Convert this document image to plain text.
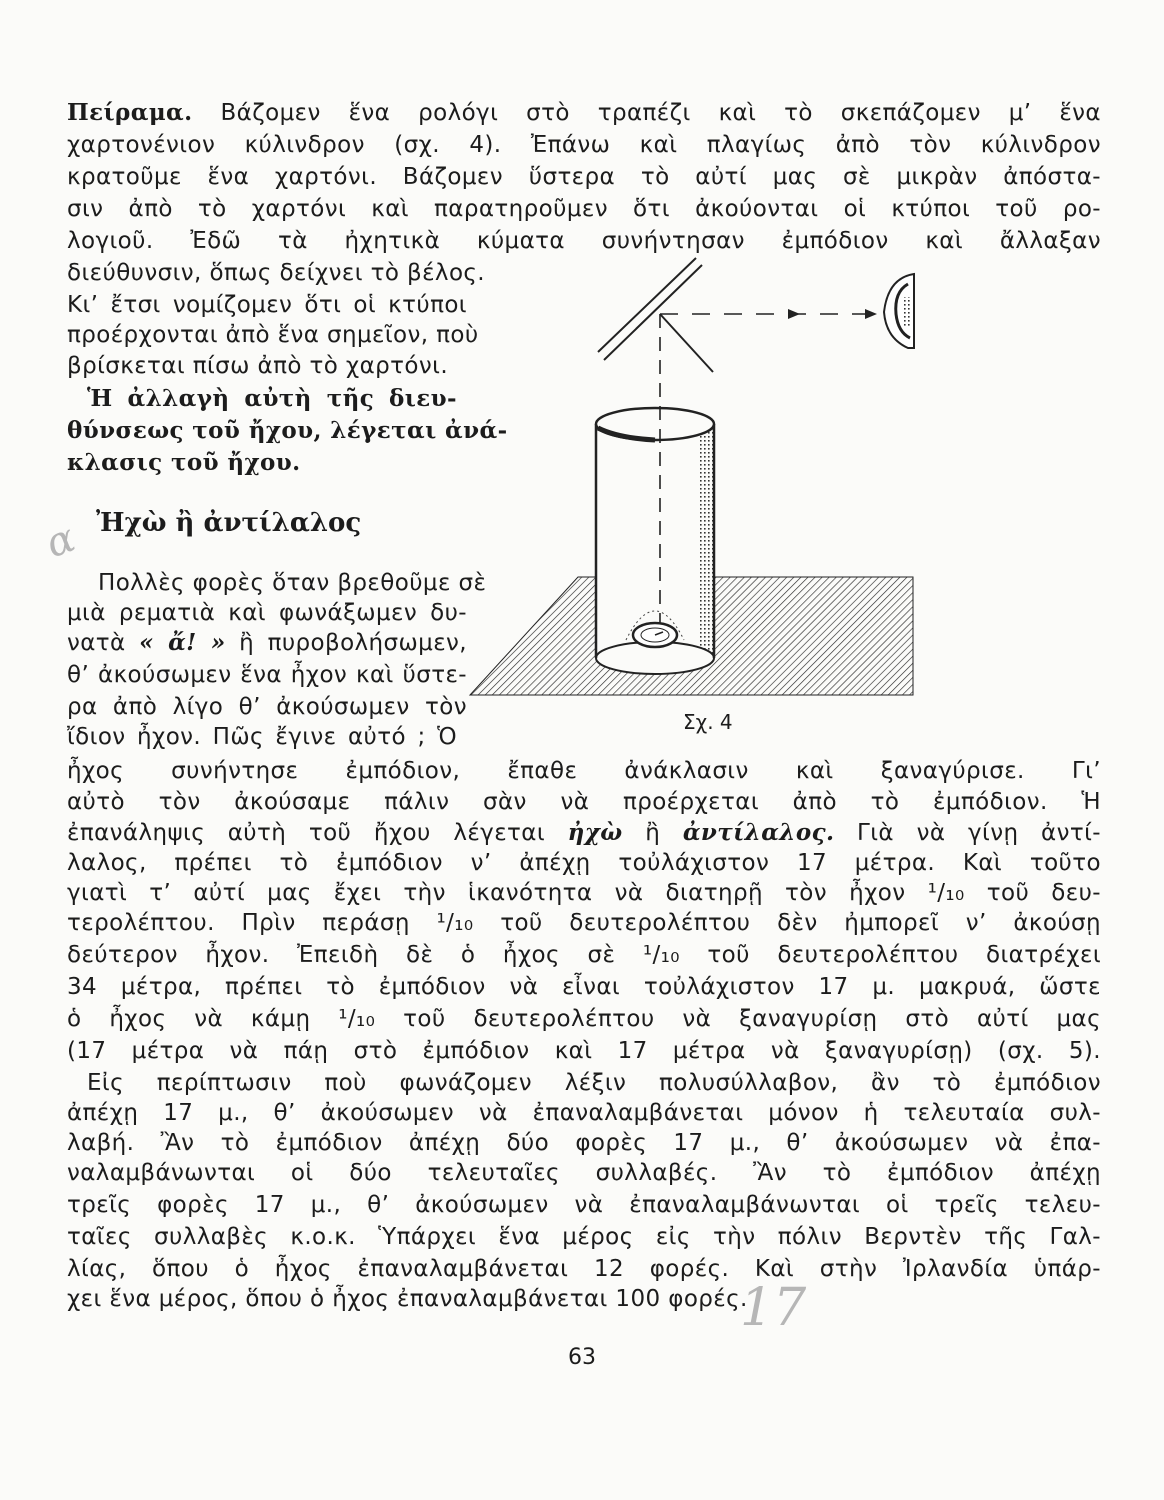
Πείραμα. Βάζομεν ἕνα ρολόγι στὸ τραπέζι καὶ τὸ σκεπάζομεν μ’ ἕνα
χαρτονένιον κύλινδρον (σχ. 4). Ἐπάνω καὶ πλαγίως ἀπὸ τὸν κύλινδρον
κρατοῦμε ἕνα χαρτόνι. Βάζομεν ὕστερα τὸ αὐτί μας σὲ μικρὰν ἀπόστα-
σιν ἀπὸ τὸ χαρτόνι καὶ παρατηροῦμεν ὅτι ἀκούονται οἱ κτύποι τοῦ ρο-
λογιοῦ. Ἐδῶ τὰ ἠχητικὰ κύματα συνήντησαν ἐμπόδιον καὶ ἄλλαξαν
διεύθυνσιν, ὅπως δείχνει τὸ βέλος.
Κι’ ἔτσι νομίζομεν ὅτι οἱ κτύποι
προέρχονται ἀπὸ ἕνα σημεῖον, ποὺ
βρίσκεται πίσω ἀπὸ τὸ χαρτόνι.
Ἡ ἀλλαγὴ αὐτὴ τῆς διευ-
θύνσεως τοῦ ἤχου, λέγεται ἀνά-
κλασις τοῦ ἤχου.
Ἠχὼ ἢ ἀντίλαλος
α
Πολλὲς φορὲς ὅταν βρεθοῦμε σὲ
μιὰ ρεματιὰ καὶ φωνάξωμεν δυ-
νατὰ « ἄ! » ἢ πυροβολήσωμεν,
θ’ ἀκούσωμεν ἕνα ἦχον καὶ ὕστε-
ρα ἀπὸ λίγο θ’ ἀκούσωμεν τὸν
ἴδιον ἦχον. Πῶς ἔγινε αὐτό ; Ὁ
ἦχος συνήντησε ἐμπόδιον, ἔπαθε ἀνάκλασιν καὶ ξαναγύρισε. Γι’
αὐτὸ τὸν ἀκούσαμε πάλιν σὰν νὰ προέρχεται ἀπὸ τὸ ἐμπόδιον. Ἡ
ἐπανάληψις αὐτὴ τοῦ ἤχου λέγεται ἠχὼ ἢ ἀντίλαλος. Γιὰ νὰ γίνῃ ἀντί-
λαλος, πρέπει τὸ ἐμπόδιον ν’ ἀπέχῃ τοὐλάχιστον 17 μέτρα. Καὶ τοῦτο
γιατὶ τ’ αὐτί μας ἔχει τὴν ἱκανότητα νὰ διατηρῇ τὸν ἦχον ¹/₁₀ τοῦ δευ-
τερολέπτου. Πρὶν περάσῃ ¹/₁₀ τοῦ δευτερολέπτου δὲν ἠμπορεῖ ν’ ἀκούσῃ
δεύτερον ἦχον. Ἐπειδὴ δὲ ὁ ἦχος σὲ ¹/₁₀ τοῦ δευτερολέπτου διατρέχει
34 μέτρα, πρέπει τὸ ἐμπόδιον νὰ εἶναι τοὐλάχιστον 17 μ. μακρυά, ὥστε
ὁ ἦχος νὰ κάμῃ ¹/₁₀ τοῦ δευτερολέπτου νὰ ξαναγυρίσῃ στὸ αὐτί μας
(17 μέτρα νὰ πάῃ στὸ ἐμπόδιον καὶ 17 μέτρα νὰ ξαναγυρίσῃ) (σχ. 5).
Εἰς περίπτωσιν ποὺ φωνάζομεν λέξιν πολυσύλλαβον, ἂν τὸ ἐμπόδιον
ἀπέχῃ 17 μ., θ’ ἀκούσωμεν νὰ ἐπαναλαμβάνεται μόνον ἡ τελευταία συλ-
λαβή. Ἂν τὸ ἐμπόδιον ἀπέχῃ δύο φορὲς 17 μ., θ’ ἀκούσωμεν νὰ ἐπα-
ναλαμβάνωνται οἱ δύο τελευταῖες συλλαβές. Ἂν τὸ ἐμπόδιον ἀπέχῃ
τρεῖς φορὲς 17 μ., θ’ ἀκούσωμεν νὰ ἐπαναλαμβάνωνται οἱ τρεῖς τελευ-
ταῖες συλλαβὲς κ.ο.κ. Ὑπάρχει ἕνα μέρος εἰς τὴν πόλιν Βερντὲν τῆς Γαλ-
λίας, ὅπου ὁ ἦχος ἐπαναλαμβάνεται 12 φορές. Καὶ στὴν Ἰρλανδία ὑπάρ-
χει ἕνα μέρος, ὅπου ὁ ἦχος ἐπαναλαμβάνεται 100 φορές.
17
Σχ. 4
63
